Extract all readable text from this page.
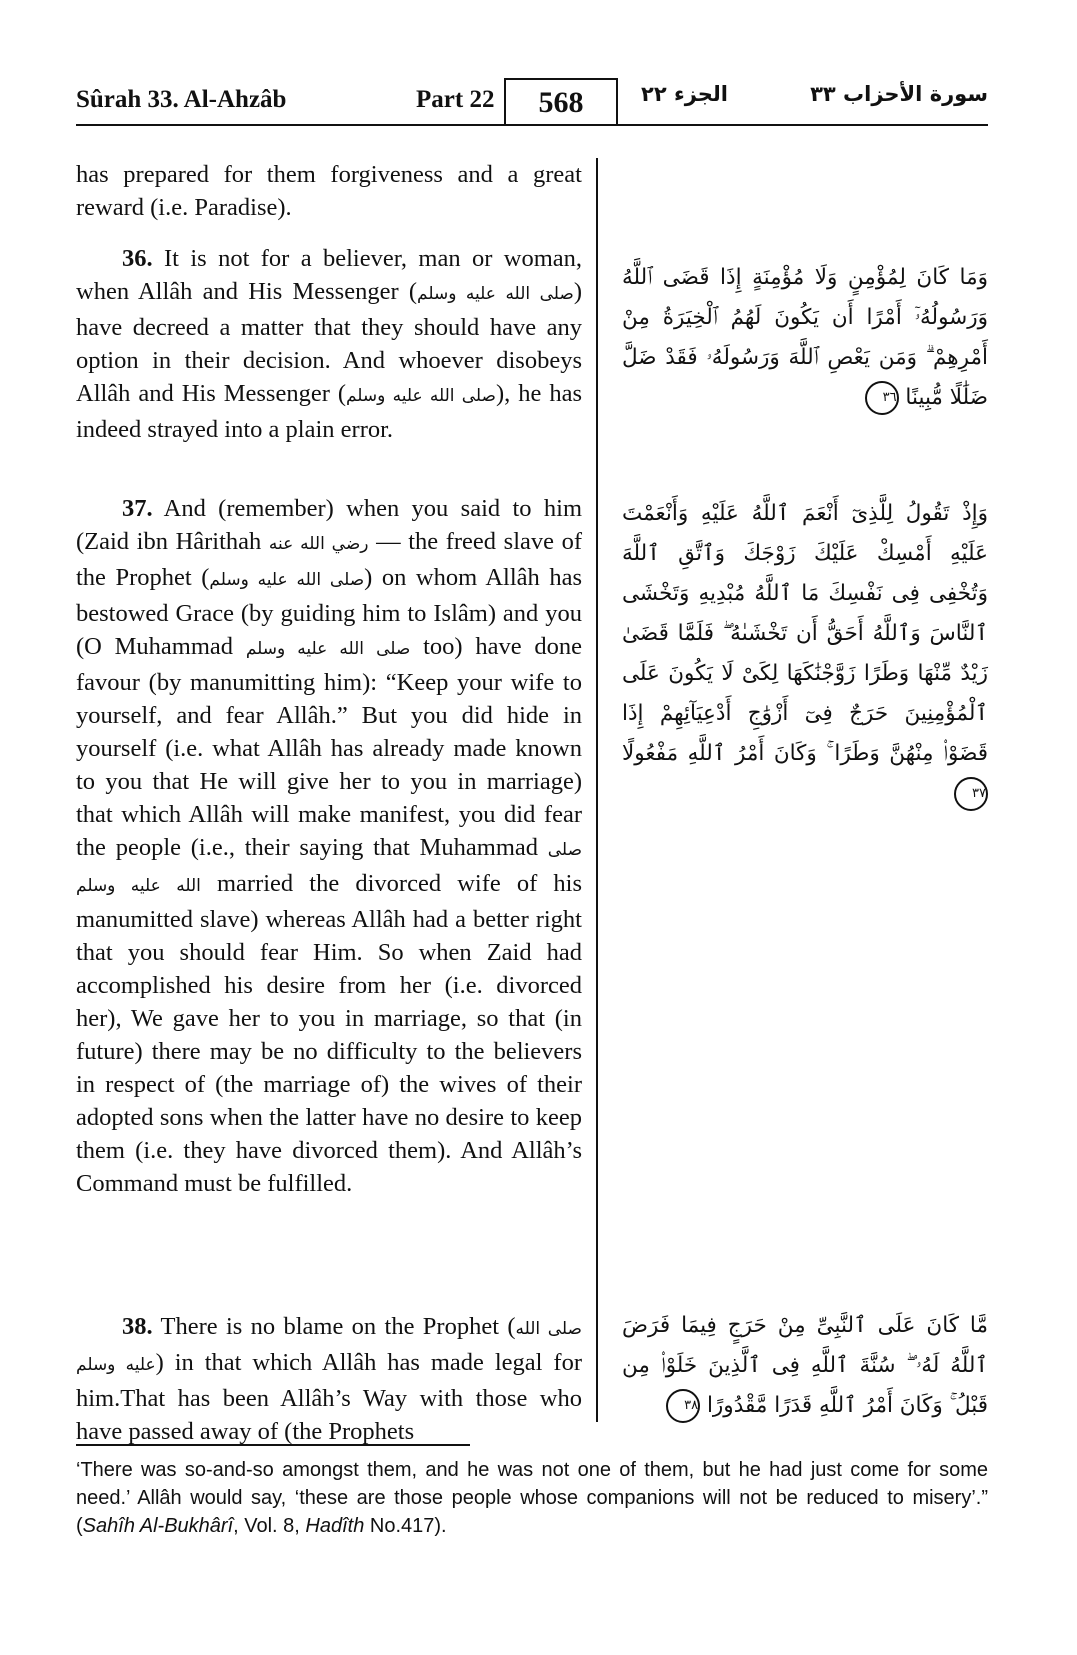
Sûrah 33. Al-Ahzâb	Part 22	568	الجزء ٢٢	سورة الأحزاب ٣٣

has prepared for them forgiveness and a great reward (i.e. Paradise).

36. It is not for a believer, man or woman, when Allâh and His Messenger (صلى الله عليه وسلم) have decreed a matter that they should have any option in their decision. And whoever disobeys Allâh and His Messenger (صلى الله عليه وسلم), he has indeed strayed into a plain error.

37. And (remember) when you said to him (Zaid ibn Hârithah رضي الله عنه — the freed slave of the Prophet (صلى الله عليه وسلم) on whom Allâh has bestowed Grace (by guiding him to Islâm) and you (O Muhammad صلى الله عليه وسلم too) have done favour (by manumitting him): “Keep your wife to yourself, and fear Allâh.” But you did hide in yourself (i.e. what Allâh has already made known to you that He will give her to you in marriage) that which Allâh will make manifest, you did fear the people (i.e., their saying that Muhammad صلى الله عليه وسلم married the divorced wife of his manumitted slave) whereas Allâh had a better right that you should fear Him. So when Zaid had accomplished his desire from her (i.e. divorced her), We gave her to you in marriage, so that (in future) there may be no difficulty to the believers in respect of (the marriage of) the wives of their adopted sons when the latter have no desire to keep them (i.e. they have divorced them). And Allâh’s Command must be fulfilled.

38. There is no blame on the Prophet (صلى الله عليه وسلم) in that which Allâh has made legal for him.That has been Allâh’s Way with those who have passed away of (the Prophets

وَمَا كَانَ لِمُؤْمِنٍ وَلَا مُؤْمِنَةٍ إِذَا قَضَى ٱللَّهُ وَرَسُولُهُۥٓ أَمْرًا أَن يَكُونَ لَهُمُ ٱلْخِيَرَةُ مِنْ أَمْرِهِمْ ۗ وَمَن يَعْصِ ٱللَّهَ وَرَسُولَهُۥ فَقَدْ ضَلَّ ضَلَٰلًا مُّبِينًا ٣٦
وَإِذْ تَقُولُ لِلَّذِىٓ أَنْعَمَ ٱللَّهُ عَلَيْهِ وَأَنْعَمْتَ عَلَيْهِ أَمْسِكْ عَلَيْكَ زَوْجَكَ وَٱتَّقِ ٱللَّهَ وَتُخْفِى فِى نَفْسِكَ مَا ٱللَّهُ مُبْدِيهِ وَتَخْشَى ٱلنَّاسَ وَٱللَّهُ أَحَقُّ أَن تَخْشَىٰهُ ۖ فَلَمَّا قَضَىٰ زَيْدٌ مِّنْهَا وَطَرًا زَوَّجْنَٰكَهَا لِكَىْ لَا يَكُونَ عَلَى ٱلْمُؤْمِنِينَ حَرَجٌ فِىٓ أَزْوَٰجِ أَدْعِيَآئِهِمْ إِذَا قَضَوْا۟ مِنْهُنَّ وَطَرًا ۚ وَكَانَ أَمْرُ ٱللَّهِ مَفْعُولًا ٣٧
مَّا كَانَ عَلَى ٱلنَّبِىِّ مِنْ حَرَجٍ فِيمَا فَرَضَ ٱللَّهُ لَهُۥ ۖ سُنَّةَ ٱللَّهِ فِى ٱلَّذِينَ خَلَوْا۟ مِن قَبْلُ ۚ وَكَانَ أَمْرُ ٱللَّهِ قَدَرًا مَّقْدُورًا ٣٨

‘There was so-and-so amongst them, and he was not one of them, but he had just come for some need.’ Allâh would say, ‘these are those people whose companions will not be reduced to misery’.” (Sahîh Al-Bukhârî, Vol. 8, Hadîth No.417).
